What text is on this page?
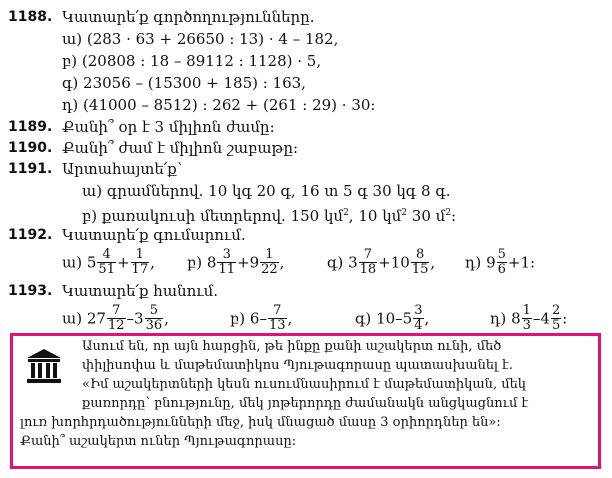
1188. Կատարե՛ք գործողությունները.
ա) (283 · 63 + 26650 : 13) · 4 – 182,
բ) (20808 : 18 – 89112 : 1128) · 5,
գ) 23056 – (15300 + 185) : 163,
դ) (41000 – 8512) : 262 + (261 : 29) · 30:
1189. Քանի՞ օր է 3 միլիոն ժամը:
1190. Քանի՞ ժամ է միլիոն շաբաթը:
1191. Արտահայտե՛ք՝
ա) գրամներով. 10 կգ 20 գ, 16 տ 5 գ 30 կգ 8 գ.
բ) քառակուսի մետրերով. 150 կմ$^2$, 10 կմ$^2$ 30 մ$^2$:
1192. Կատարե՛ք գումարում.
ա) $5 \frac{4}{51} + \frac{1}{17}$ , բ) $8 \frac{3}{11} +9 \frac{1}{22}$ ,	գ) $3 \frac{7}{18} +10 \frac{8}{15}$ , դ) $9 \frac{5}{6} +1$:
1193. Կատարե՛ք հանում.
ա) $27 \frac{7}{12} -3 \frac{5}{36}$ ,	բ) $6- \frac{7}{13}$ ,	գ) $10-5 \frac{3}{4}$ ,	դ) $8 \frac{1}{3} -4 \frac{2}{5}$ :

Ասում են, որ այն հարցին, թե ինքը քանի աշակերտ ունի, մեծ

փիլիսոփա և մաթեմատիկոս Պյութագորասը պատասխանել է.

«Իմ աշակերտների կեսն ուսումնասիրում է մաթեմատիկան, մեկ

քառորդը՝ բնությունը, մեկ յոթերորդը ժամանակն անցկացնում է

լուռ խորհրդածությունների մեջ, իսկ մնացած մասը 3 օրիորդներ են»:

Քանի՞ աշակերտ ուներ Պյութագորասը:
